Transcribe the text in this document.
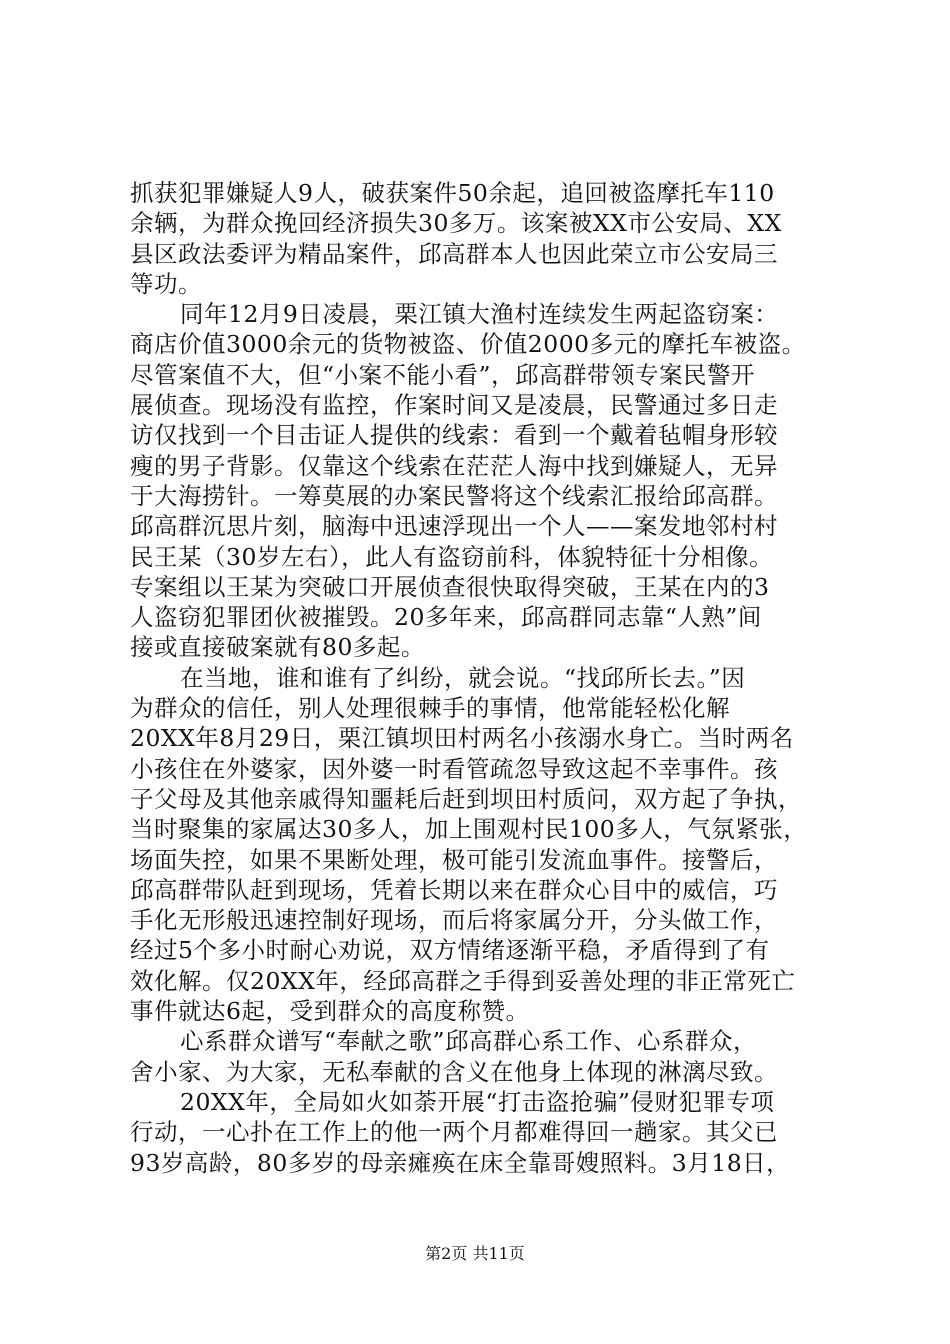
抓获犯罪嫌疑人9人，破获案件50余起，追回被盗摩托车110
余辆，为群众挽回经济损失30多万。该案被XX市公安局、XX
县区政法委评为精品案件，邱高群本人也因此荣立市公安局三
等功。
同年12月9日凌晨，栗江镇大渔村连续发生两起盗窃案：
商店价值3000余元的货物被盗、价值2000多元的摩托车被盗。
尽管案值不大，但“小案不能小看”，邱高群带领专案民警开
展侦查。现场没有监控，作案时间又是凌晨，民警通过多日走
访仅找到一个目击证人提供的线索：看到一个戴着毡帽身形较
瘦的男子背影。仅靠这个线索在茫茫人海中找到嫌疑人，无异
于大海捞针。一筹莫展的办案民警将这个线索汇报给邱高群。
邱高群沉思片刻，脑海中迅速浮现出一个人——案发地邻村村
民王某（30岁左右），此人有盗窃前科，体貌特征十分相像。
专案组以王某为突破口开展侦查很快取得突破，王某在内的3
人盗窃犯罪团伙被摧毁。20多年来，邱高群同志靠“人熟”间
接或直接破案就有80多起。
在当地，谁和谁有了纠纷，就会说。“找邱所长去。”因
为群众的信任，别人处理很棘手的事情，他常能轻松化解
20XX年8月29日，栗江镇坝田村两名小孩溺水身亡。当时两名
小孩住在外婆家，因外婆一时看管疏忽导致这起不幸事件。孩
子父母及其他亲戚得知噩耗后赶到坝田村质问，双方起了争执，
当时聚集的家属达30多人，加上围观村民100多人，气氛紧张，
场面失控，如果不果断处理，极可能引发流血事件。接警后，
邱高群带队赶到现场，凭着长期以来在群众心目中的威信，巧
手化无形般迅速控制好现场，而后将家属分开，分头做工作，
经过5个多小时耐心劝说，双方情绪逐渐平稳，矛盾得到了有
效化解。仅20XX年，经邱高群之手得到妥善处理的非正常死亡
事件就达6起，受到群众的高度称赞。
心系群众谱写“奉献之歌”邱高群心系工作、心系群众，
舍小家、为大家，无私奉献的含义在他身上体现的淋漓尽致。
20XX年，全局如火如荼开展“打击盗抢骗”侵财犯罪专项
行动，一心扑在工作上的他一两个月都难得回一趟家。其父已
93岁高龄，80多岁的母亲瘫痪在床全靠哥嫂照料。3月18日，
第2页 共11页
